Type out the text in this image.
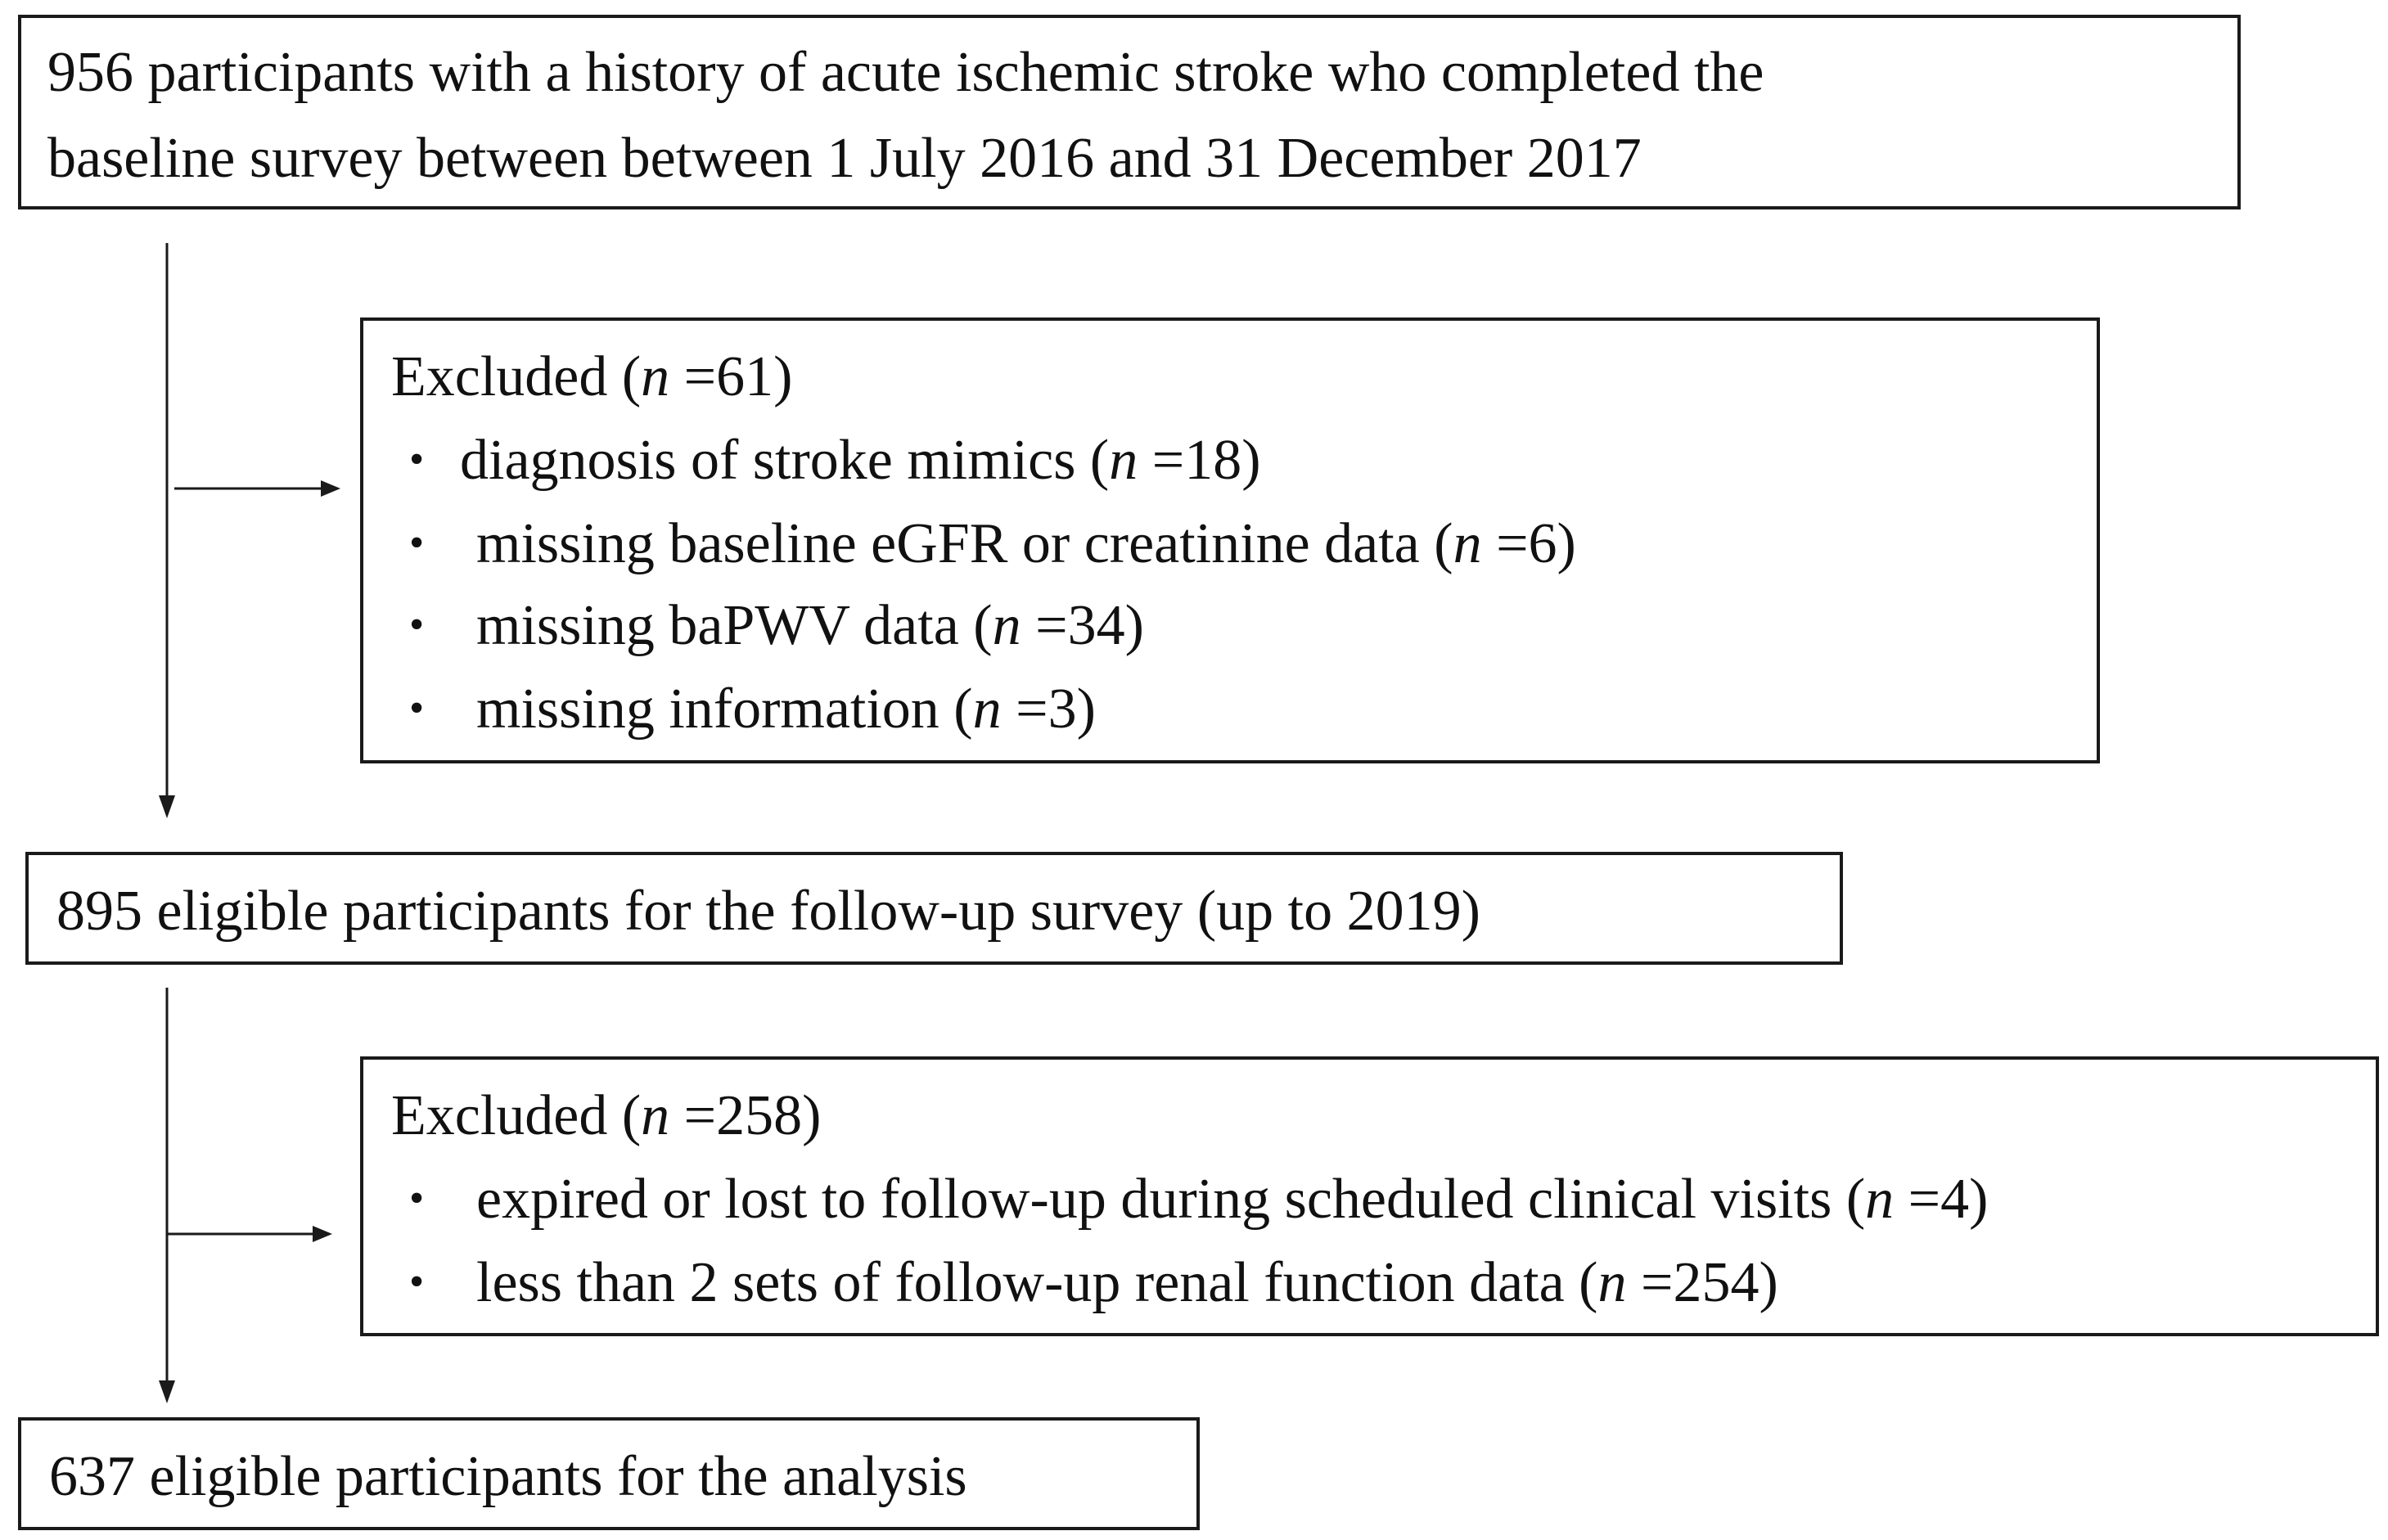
956 participants with a history of acute ischemic stroke who completed the
baseline survey between between 1 July 2016 and 31 December 2017
Excluded (n =61)
• diagnosis of stroke mimics (n =18)
• missing baseline eGFR or creatinine data (n =6)
• missing baPWV data (n =34)
• missing information (n =3)
895 eligible participants for the follow-up survey (up to 2019)
Excluded (n =258)
• expired or lost to follow-up during scheduled clinical visits (n =4)
• less than 2 sets of follow-up renal function data (n =254)
637 eligible participants for the analysis
